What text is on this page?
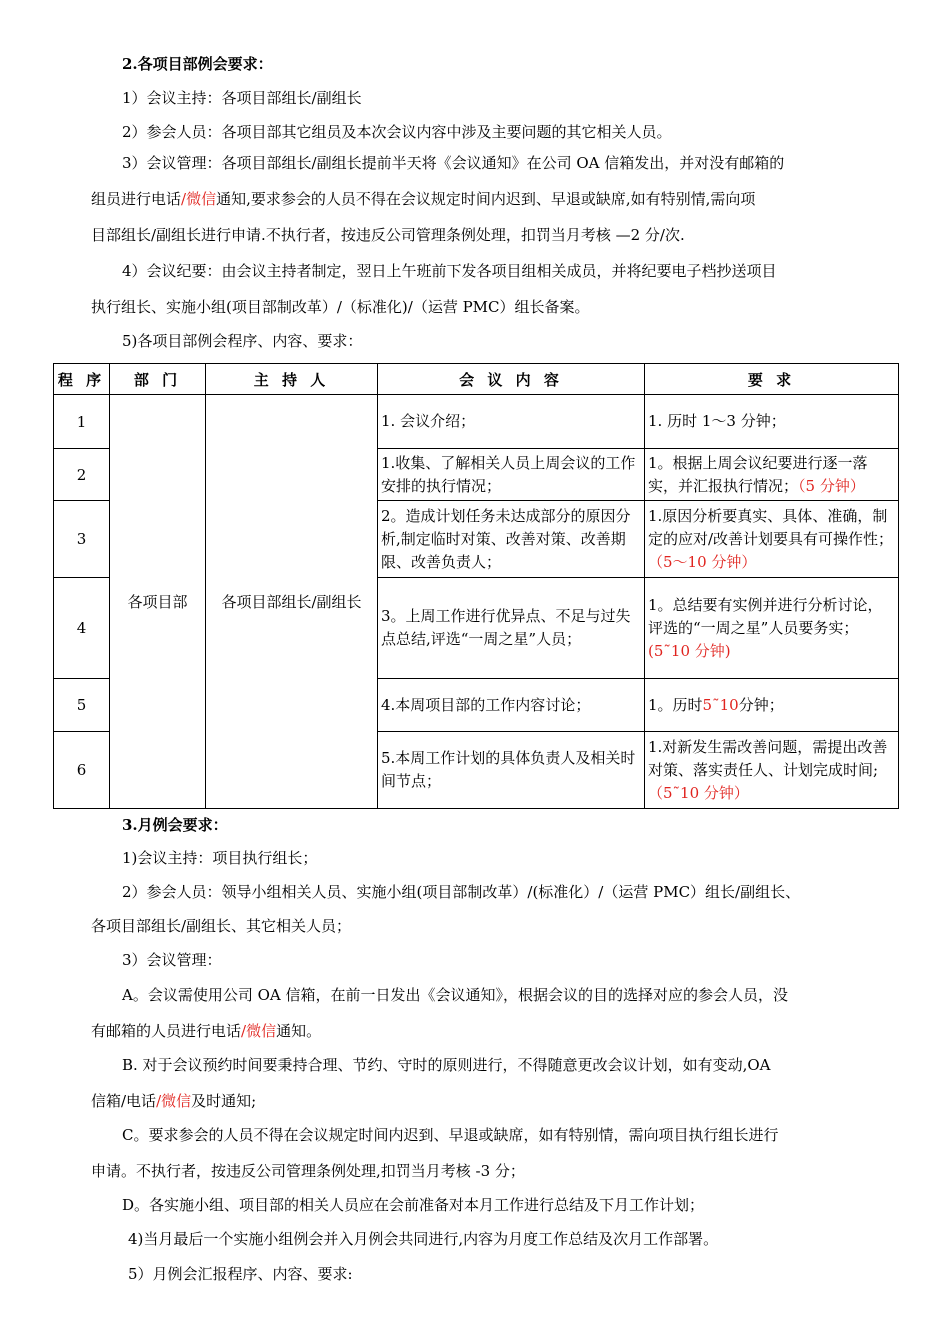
2.各项目部例会要求：
1）会议主持：各项目部组长/副组长
2）参会人员：各项目部其它组员及本次会议内容中涉及主要问题的其它相关人员。
3）会议管理：各项目部组长/副组长提前半天将《会议通知》在公司 OA 信箱发出，并对没有邮箱的
组员进行电话/微信通知,要求参会的人员不得在会议规定时间内迟到、早退或缺席,如有特别情,需向项
目部组长/副组长进行申请.不执行者，按违反公司管理条例处理，扣罚当月考核 —2 分/次.
4）会议纪要：由会议主持者制定，翌日上午班前下发各项目组相关成员，并将纪要电子档抄送项目
执行组长、实施小组(项目部制改革）/（标准化)/（运营 PMC）组长备案。
5)各项目部例会程序、内容、要求：
程 序	部 门	主 持 人	会 议 内 容	要 求
1	各项目部	各项目部组长/副组长	1. 会议介绍；	1. 历时 1～3 分钟；
2			1.收集、了解相关人员上周会议的工作安排的执行情况；	1。根据上周会议纪要进行逐一落实，并汇报执行情况；（5 分钟）
3			2。造成计划任务未达成部分的原因分析,制定临时对策、改善对策、改善期限、改善负责人；	1.原因分析要真实、具体、准确，制定的应对/改善计划要具有可操作性；（5～10 分钟）
4			3。上周工作进行优异点、不足与过失点总结,评选“一周之星”人员；	1。总结要有实例并进行分析讨论，评选的“一周之星”人员要务实；
(5˜10 分钟)
5			4.本周项目部的工作内容讨论；	1。历时5˜10分钟；
6			5.本周工作计划的具体负责人及相关时间节点；	1.对新发生需改善问题，需提出改善对策、落实责任人、计划完成时间;（5˜10 分钟）
3.月例会要求：
1)会议主持：项目执行组长；
2）参会人员：领导小组相关人员、实施小组(项目部制改革）/(标准化）/（运营 PMC）组长/副组长、
各项目部组长/副组长、其它相关人员；
3）会议管理：
A。会议需使用公司 OA 信箱，在前一日发出《会议通知》，根据会议的目的选择对应的参会人员，没
有邮箱的人员进行电话/微信通知。
B. 对于会议预约时间要秉持合理、节约、守时的原则进行，不得随意更改会议计划，如有变动,OA
信箱/电话/微信及时通知;
C。要求参会的人员不得在会议规定时间内迟到、早退或缺席，如有特别情，需向项目执行组长进行
申请。不执行者，按违反公司管理条例处理,扣罚当月考核 -3 分；
D。各实施小组、项目部的相关人员应在会前准备对本月工作进行总结及下月工作计划；
4)当月最后一个实施小组例会并入月例会共同进行,内容为月度工作总结及次月工作部署。
5）月例会汇报程序、内容、要求:
